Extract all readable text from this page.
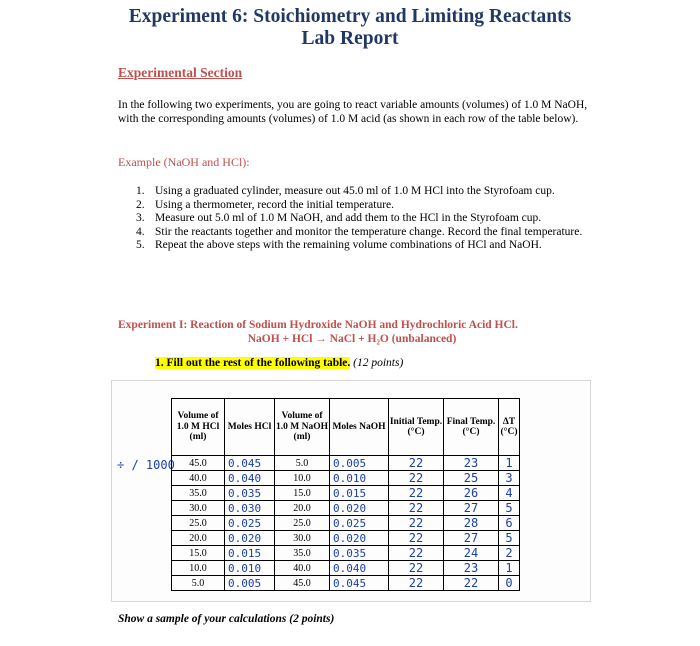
Experiment 6: Stoichiometry and Limiting Reactants
Lab Report
Experimental Section
In the following two experiments, you are going to react variable amounts (volumes) of 1.0 M NaOH, with the corresponding amounts (volumes) of 1.0 M acid (as shown in each row of the table below).
Example (NaOH and HCl):
1. Using a graduated cylinder, measure out 45.0 ml of 1.0 M HCl into the Styrofoam cup.
2. Using a thermometer, record the initial temperature.
3. Measure out 5.0 ml of 1.0 M NaOH, and add them to the HCl in the Styrofoam cup.
4. Stir the reactants together and monitor the temperature change. Record the final temperature.
5. Repeat the above steps with the remaining volume combinations of HCl and NaOH.
Experiment I: Reaction of Sodium Hydroxide NaOH and Hydrochloric Acid HCl.
NaOH + HCl → NaCl + H₂O (unbalanced)
1. Fill out the rest of the following table. (12 points)
÷ / 1000
Volume of 1.0 M HCl (ml)	Moles HCl	Volume of 1.0 M NaOH (ml)	Moles NaOH	Initial Temp. (°C)	Final Temp. (°C)	ΔT (°C)
45.0	0.045	5.0	0.005	22	23	1
40.0	0.040	10.0	0.010	22	25	3
35.0	0.035	15.0	0.015	22	26	4
30.0	0.030	20.0	0.020	22	27	5
25.0	0.025	25.0	0.025	22	28	6
20.0	0.020	30.0	0.020	22	27	5
15.0	0.015	35.0	0.035	22	24	2
10.0	0.010	40.0	0.040	22	23	1
5.0	0.005	45.0	0.045	22	22	0
Show a sample of your calculations (2 points)
